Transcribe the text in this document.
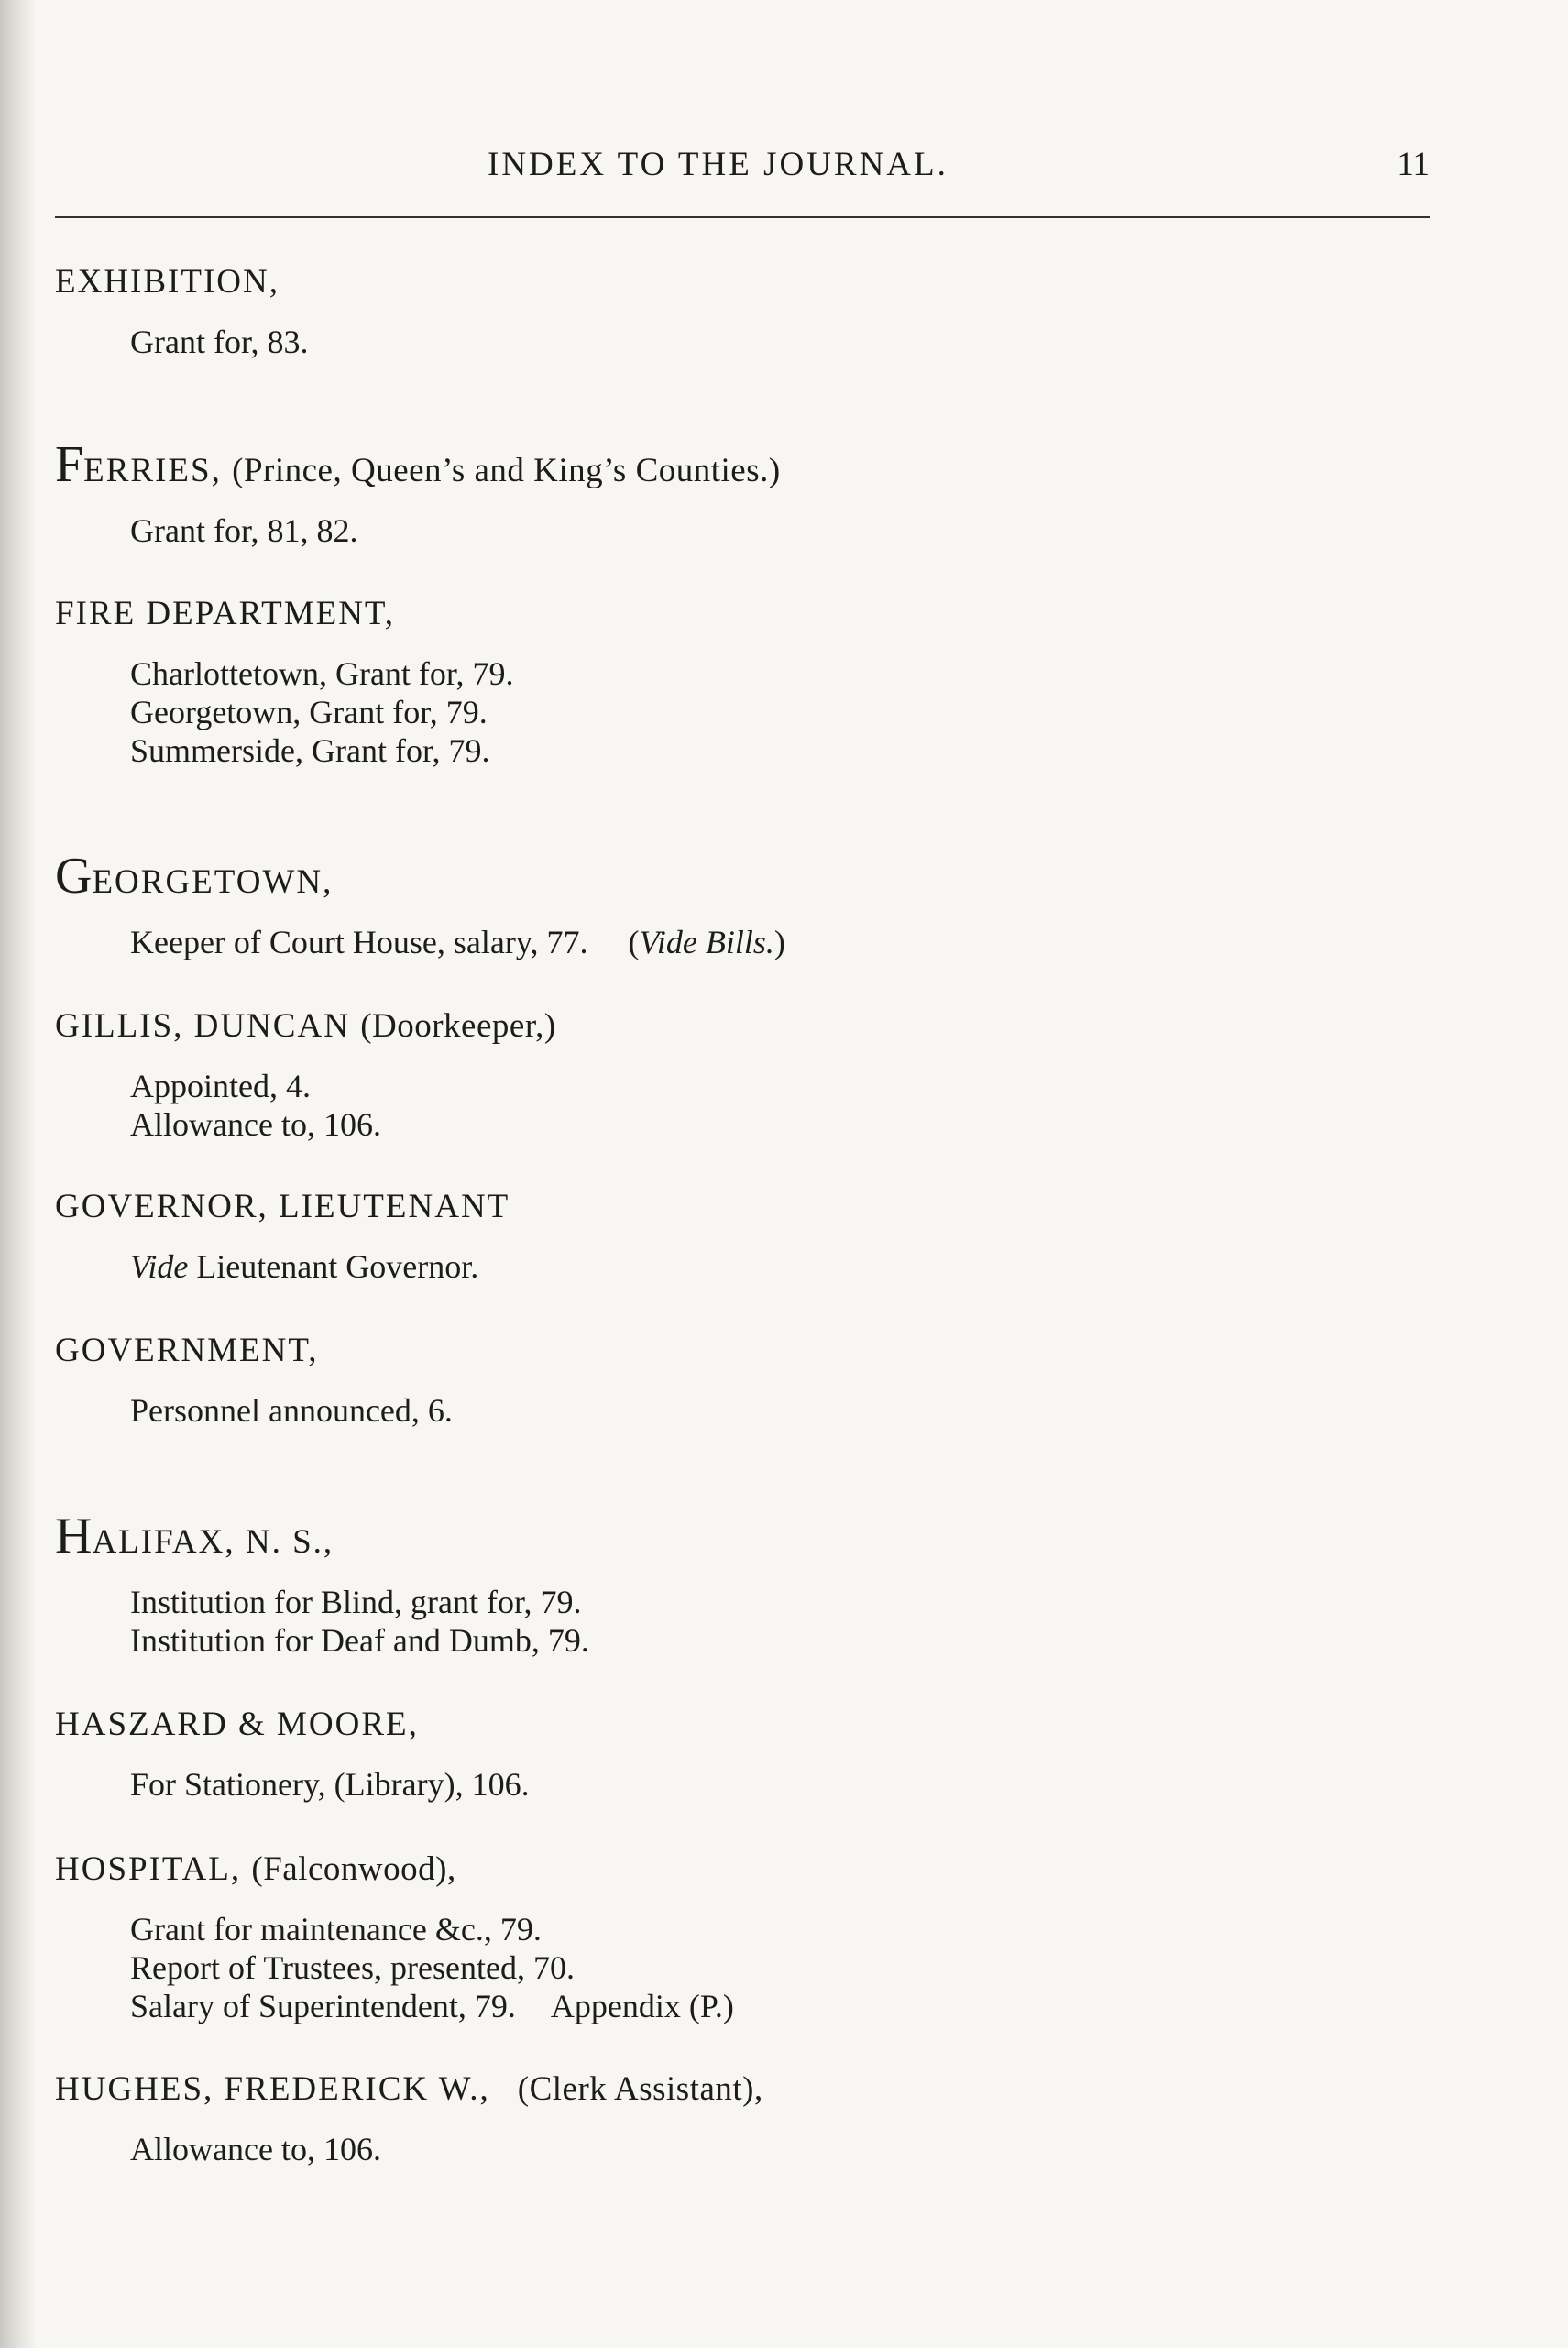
INDEX TO THE JOURNAL.	11
EXHIBITION,
Grant for, 83.
FERRIES, (Prince, Queen’s and King’s Counties.)
Grant for, 81, 82.
FIRE DEPARTMENT,
Charlottetown, Grant for, 79.
Georgetown, Grant for, 79.
Summerside, Grant for, 79.
GEORGETOWN,
Keeper of Court House, salary, 77. (Vide Bills.)
GILLIS, DUNCAN (Doorkeeper,)
Appointed, 4.
Allowance to, 106.
GOVERNOR, LIEUTENANT
Vide Lieutenant Governor.
GOVERNMENT,
Personnel announced, 6.
HALIFAX, N. S.,
Institution for Blind, grant for, 79.
Institution for Deaf and Dumb, 79.
HASZARD & MOORE,
For Stationery, (Library), 106.
HOSPITAL, (Falconwood),
Grant for maintenance &c., 79.
Report of Trustees, presented, 70.
Salary of Superintendent, 79. Appendix (P.)
HUGHES, FREDERICK W., (Clerk Assistant),
Allowance to, 106.
